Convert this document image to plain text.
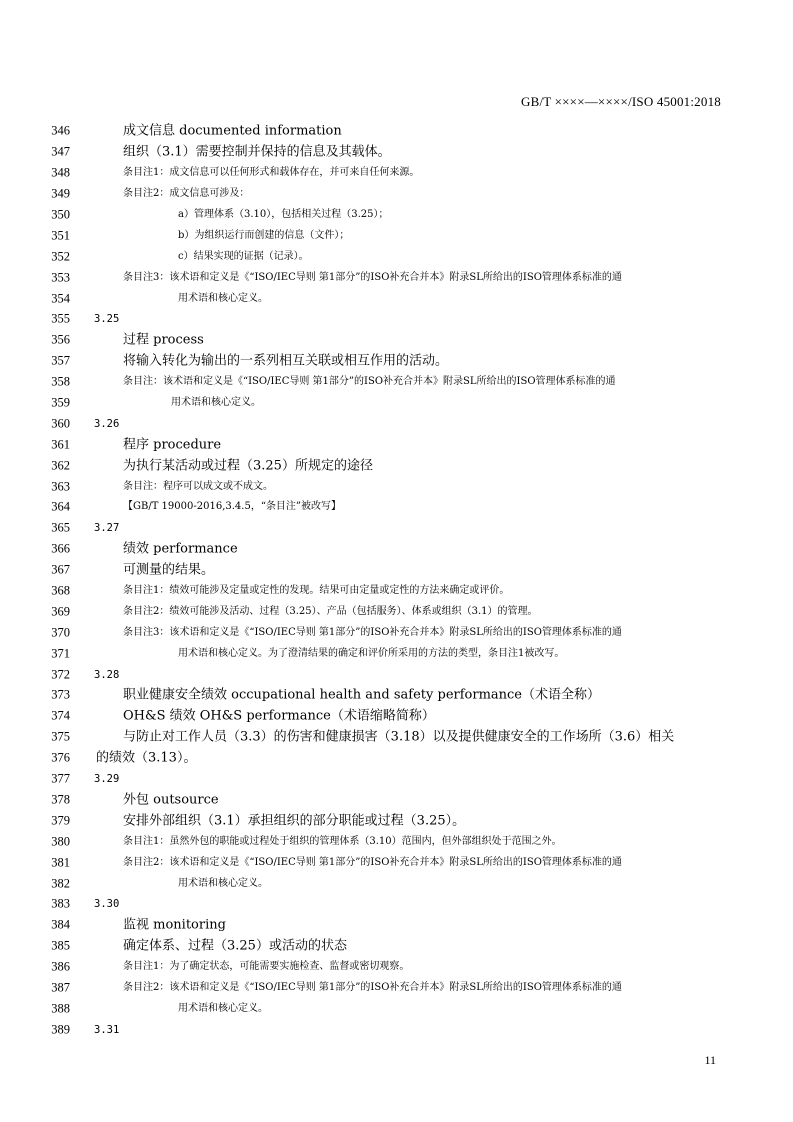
GB/T ××××—××××/ISO 45001:2018
346	成文信息 documented information
347	组织（3.1）需要控制并保持的信息及其载体。
348	条目注1：成文信息可以任何形式和载体存在，并可来自任何来源。
349	条目注2：成文信息可涉及：
350	a）管理体系（3.10），包括相关过程（3.25）；
351	b）为组织运行而创建的信息（文件）；
352	c）结果实现的证据（记录）。
353	条目注3：该术语和定义是《“ISO/IEC导则 第1部分”的ISO补充合并本》附录SL所给出的ISO管理体系标准的通
354	用术语和核心定义。
355 3.25
356	过程 process
357	将输入转化为输出的一系列相互关联或相互作用的活动。
358	条目注：该术语和定义是《“ISO/IEC导则 第1部分”的ISO补充合并本》附录SL所给出的ISO管理体系标准的通
359	用术语和核心定义。
360 3.26
361	程序 procedure
362	为执行某活动或过程（3.25）所规定的途径
363	条目注：程序可以成文或不成文。
364	【GB/T 19000-2016,3.4.5，“条目注”被改写】
365 3.27
366	绩效 performance
367	可测量的结果。
368	条目注1：绩效可能涉及定量或定性的发现。结果可由定量或定性的方法来确定或评价。
369	条目注2：绩效可能涉及活动、过程（3.25）、产品（包括服务）、体系或组织（3.1）的管理。
370	条目注3：该术语和定义是《“ISO/IEC导则 第1部分”的ISO补充合并本》附录SL所给出的ISO管理体系标准的通
371	用术语和核心定义。为了澄清结果的确定和评价所采用的方法的类型，条目注1被改写。
372 3.28
373	职业健康安全绩效 occupational health and safety performance（术语全称）
374	OH&S 绩效 OH&S performance（术语缩略简称）
375	与防止对工作人员（3.3）的伤害和健康损害（3.18）以及提供健康安全的工作场所（3.6）相关
376 的绩效（3.13）。
377 3.29
378	外包 outsource
379	安排外部组织（3.1）承担组织的部分职能或过程（3.25）。
380	条目注1：虽然外包的职能或过程处于组织的管理体系（3.10）范围内，但外部组织处于范围之外。
381	条目注2：该术语和定义是《“ISO/IEC导则 第1部分”的ISO补充合并本》附录SL所给出的ISO管理体系标准的通
382	用术语和核心定义。
383 3.30
384	监视 monitoring
385	确定体系、过程（3.25）或活动的状态
386	条目注1：为了确定状态，可能需要实施检查、监督或密切观察。
387	条目注2：该术语和定义是《“ISO/IEC导则 第1部分”的ISO补充合并本》附录SL所给出的ISO管理体系标准的通
388	用术语和核心定义。
389 3.31
11
